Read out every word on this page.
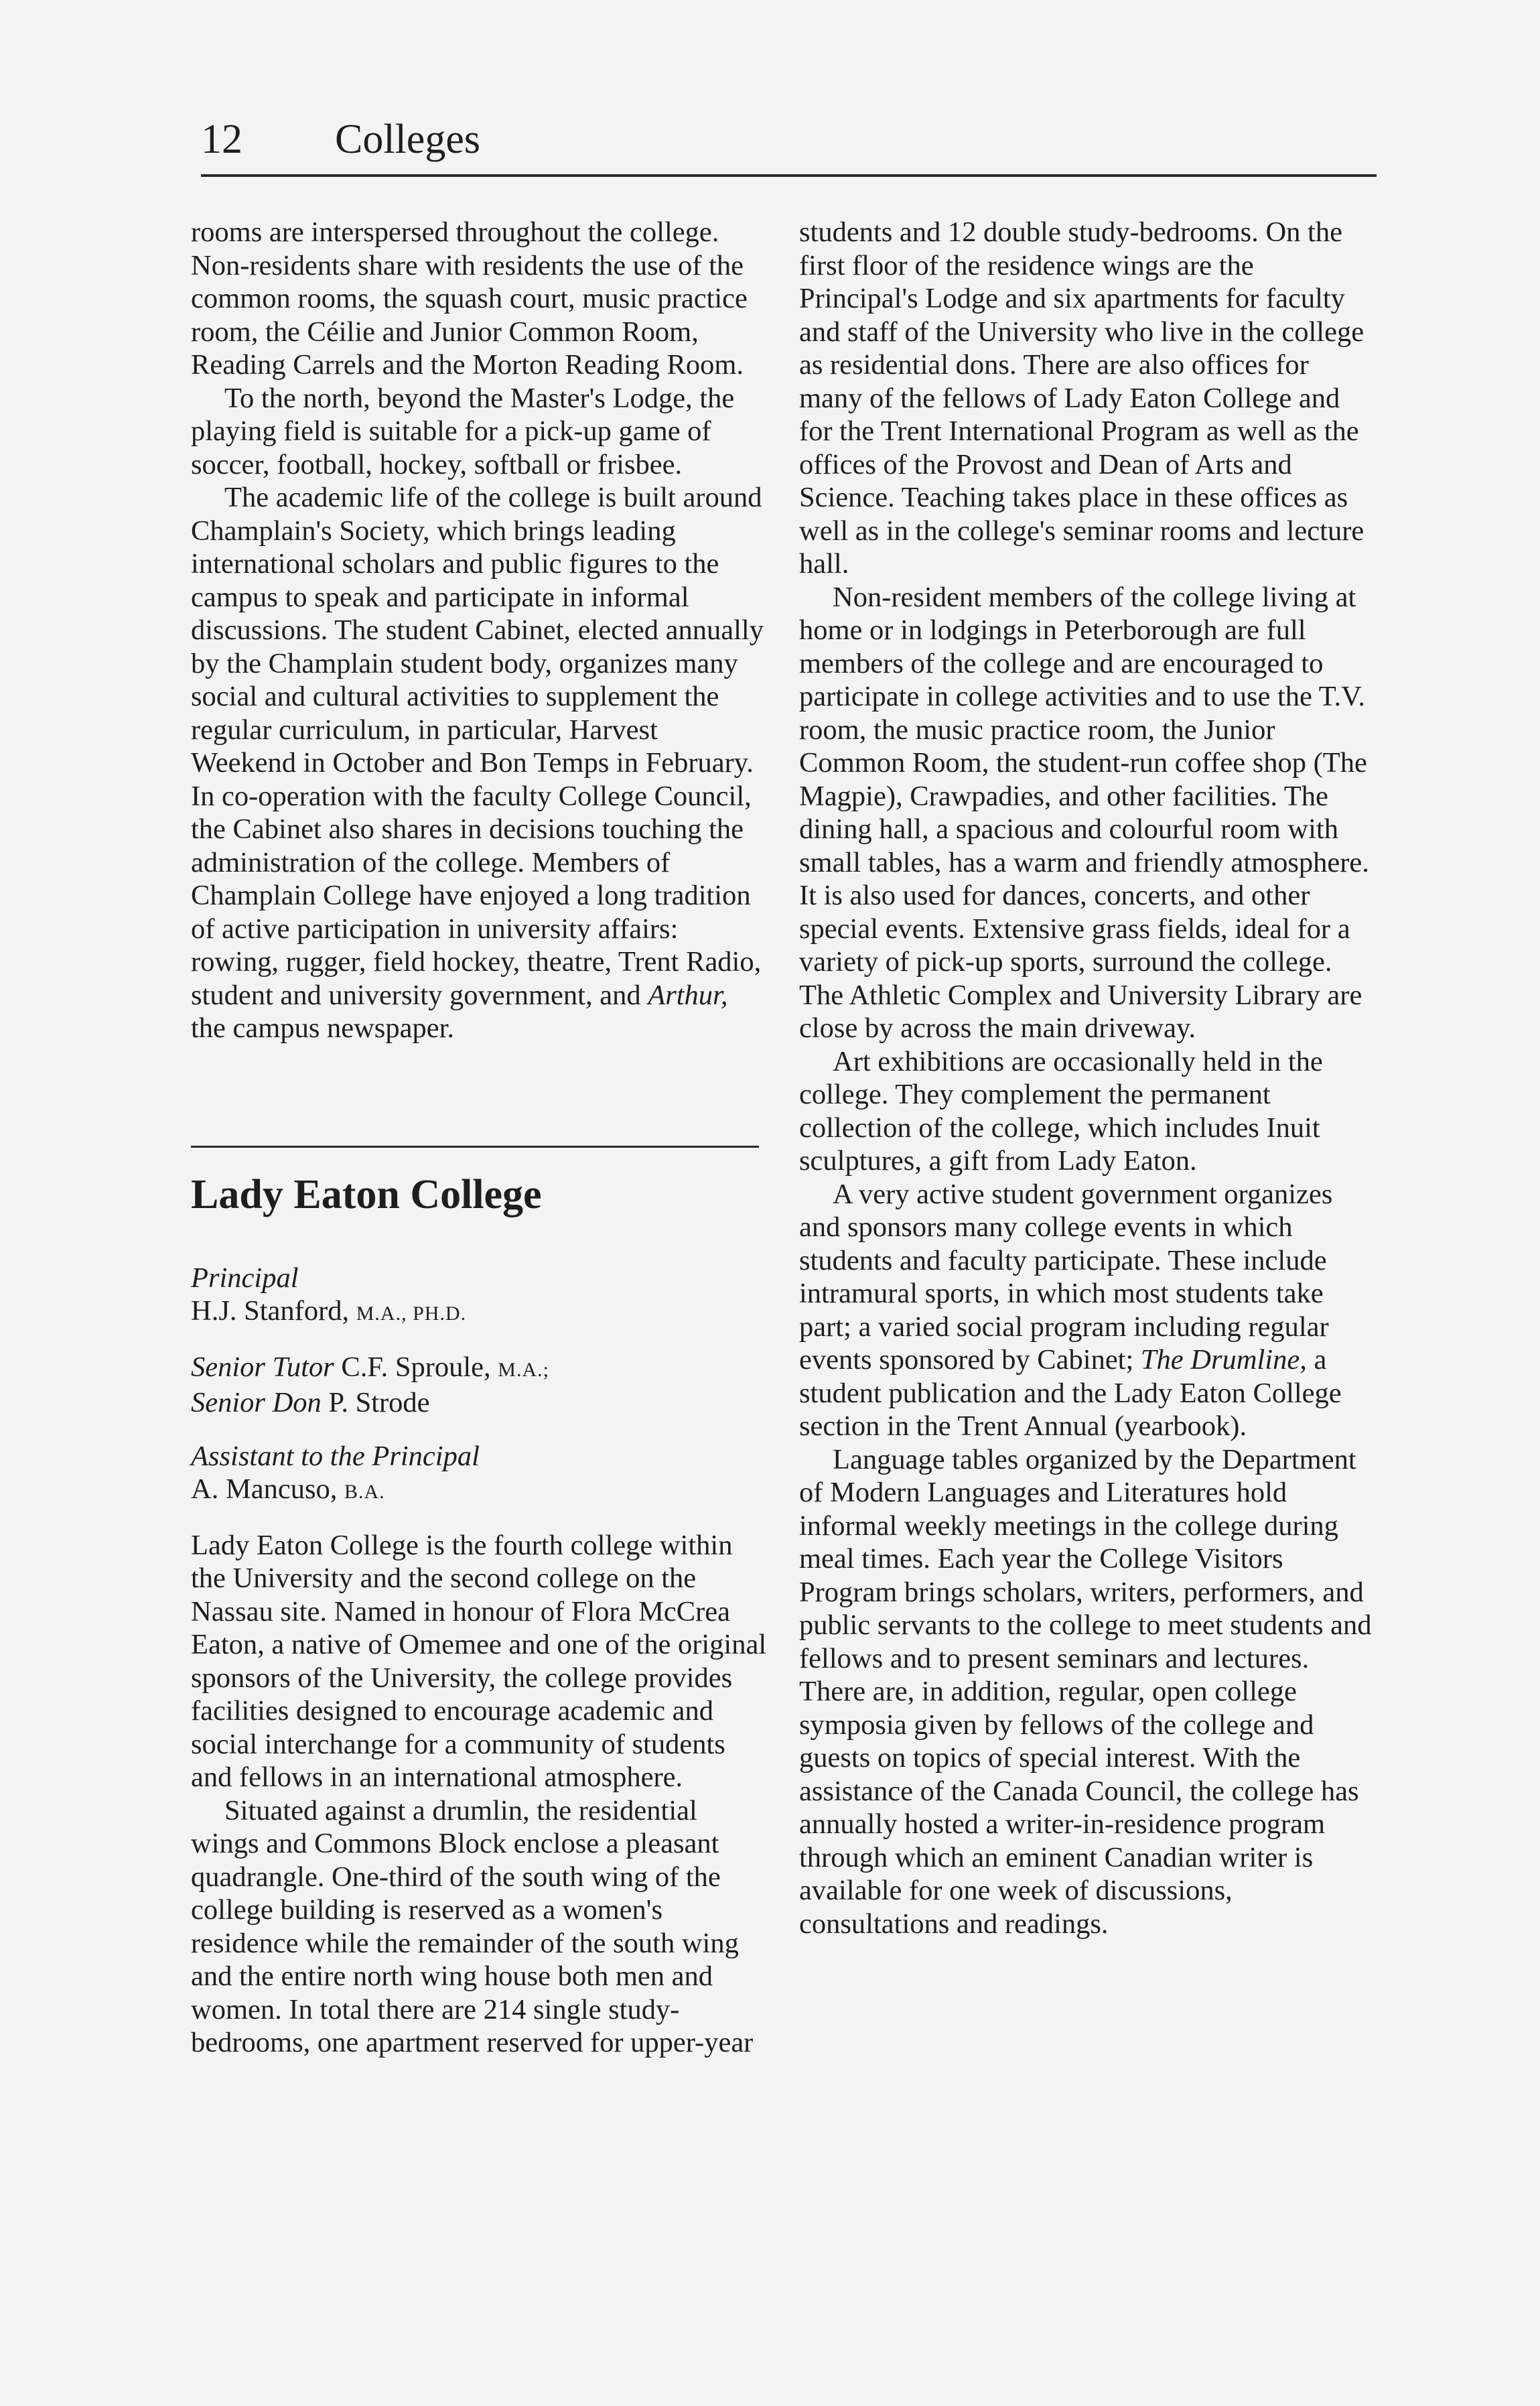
12 Colleges

rooms are interspersed throughout the college. Non-residents share with residents the use of the common rooms, the squash court, music practice room, the Céilie and Junior Common Room, Reading Carrels and the Morton Reading Room.

To the north, beyond the Master's Lodge, the playing field is suitable for a pick-up game of soccer, football, hockey, softball or frisbee.

The academic life of the college is built around Champlain's Society, which brings leading international scholars and public figures to the campus to speak and participate in informal discussions. The student Cabinet, elected annually by the Champlain student body, organizes many social and cultural activities to supplement the regular curriculum, in particular, Harvest Weekend in October and Bon Temps in February. In co-operation with the faculty College Council, the Cabinet also shares in decisions touching the administration of the college. Members of Champlain College have enjoyed a long tradition of active participation in university affairs: rowing, rugger, field hockey, theatre, Trent Radio, student and university government, and Arthur, the campus newspaper.

Lady Eaton College
Principal
H.J. Stanford, M.A., PH.D.
Senior Tutor C.F. Sproule, M.A.;
Senior Don P. Strode
Assistant to the Principal
A. Mancuso, B.A.

Lady Eaton College is the fourth college within the University and the second college on the Nassau site. Named in honour of Flora McCrea Eaton, a native of Omemee and one of the original sponsors of the University, the college provides facilities designed to encourage academic and social interchange for a community of students and fellows in an international atmosphere.

Situated against a drumlin, the residential wings and Commons Block enclose a pleasant quadrangle. One-third of the south wing of the college building is reserved as a women's residence while the remainder of the south wing and the entire north wing house both men and women. In total there are 214 single study-bedrooms, one apartment reserved for upper-year

students and 12 double study-bedrooms. On the first floor of the residence wings are the Principal's Lodge and six apartments for faculty and staff of the University who live in the college as residential dons. There are also offices for many of the fellows of Lady Eaton College and for the Trent International Program as well as the offices of the Provost and Dean of Arts and Science. Teaching takes place in these offices as well as in the college's seminar rooms and lecture hall.

Non-resident members of the college living at home or in lodgings in Peterborough are full members of the college and are encouraged to participate in college activities and to use the T.V. room, the music practice room, the Junior Common Room, the student-run coffee shop (The Magpie), Crawpadies, and other facilities. The dining hall, a spacious and colourful room with small tables, has a warm and friendly atmosphere. It is also used for dances, concerts, and other special events. Extensive grass fields, ideal for a variety of pick-up sports, surround the college. The Athletic Complex and University Library are close by across the main driveway.

Art exhibitions are occasionally held in the college. They complement the permanent collection of the college, which includes Inuit sculptures, a gift from Lady Eaton.

A very active student government organizes and sponsors many college events in which students and faculty participate. These include intramural sports, in which most students take part; a varied social program including regular events sponsored by Cabinet; The Drumline, a student publication and the Lady Eaton College section in the Trent Annual (yearbook).

Language tables organized by the Department of Modern Languages and Literatures hold informal weekly meetings in the college during meal times. Each year the College Visitors Program brings scholars, writers, performers, and public servants to the college to meet students and fellows and to present seminars and lectures. There are, in addition, regular, open college symposia given by fellows of the college and guests on topics of special interest. With the assistance of the Canada Council, the college has annually hosted a writer-in-residence program through which an eminent Canadian writer is available for one week of discussions, consultations and readings.
